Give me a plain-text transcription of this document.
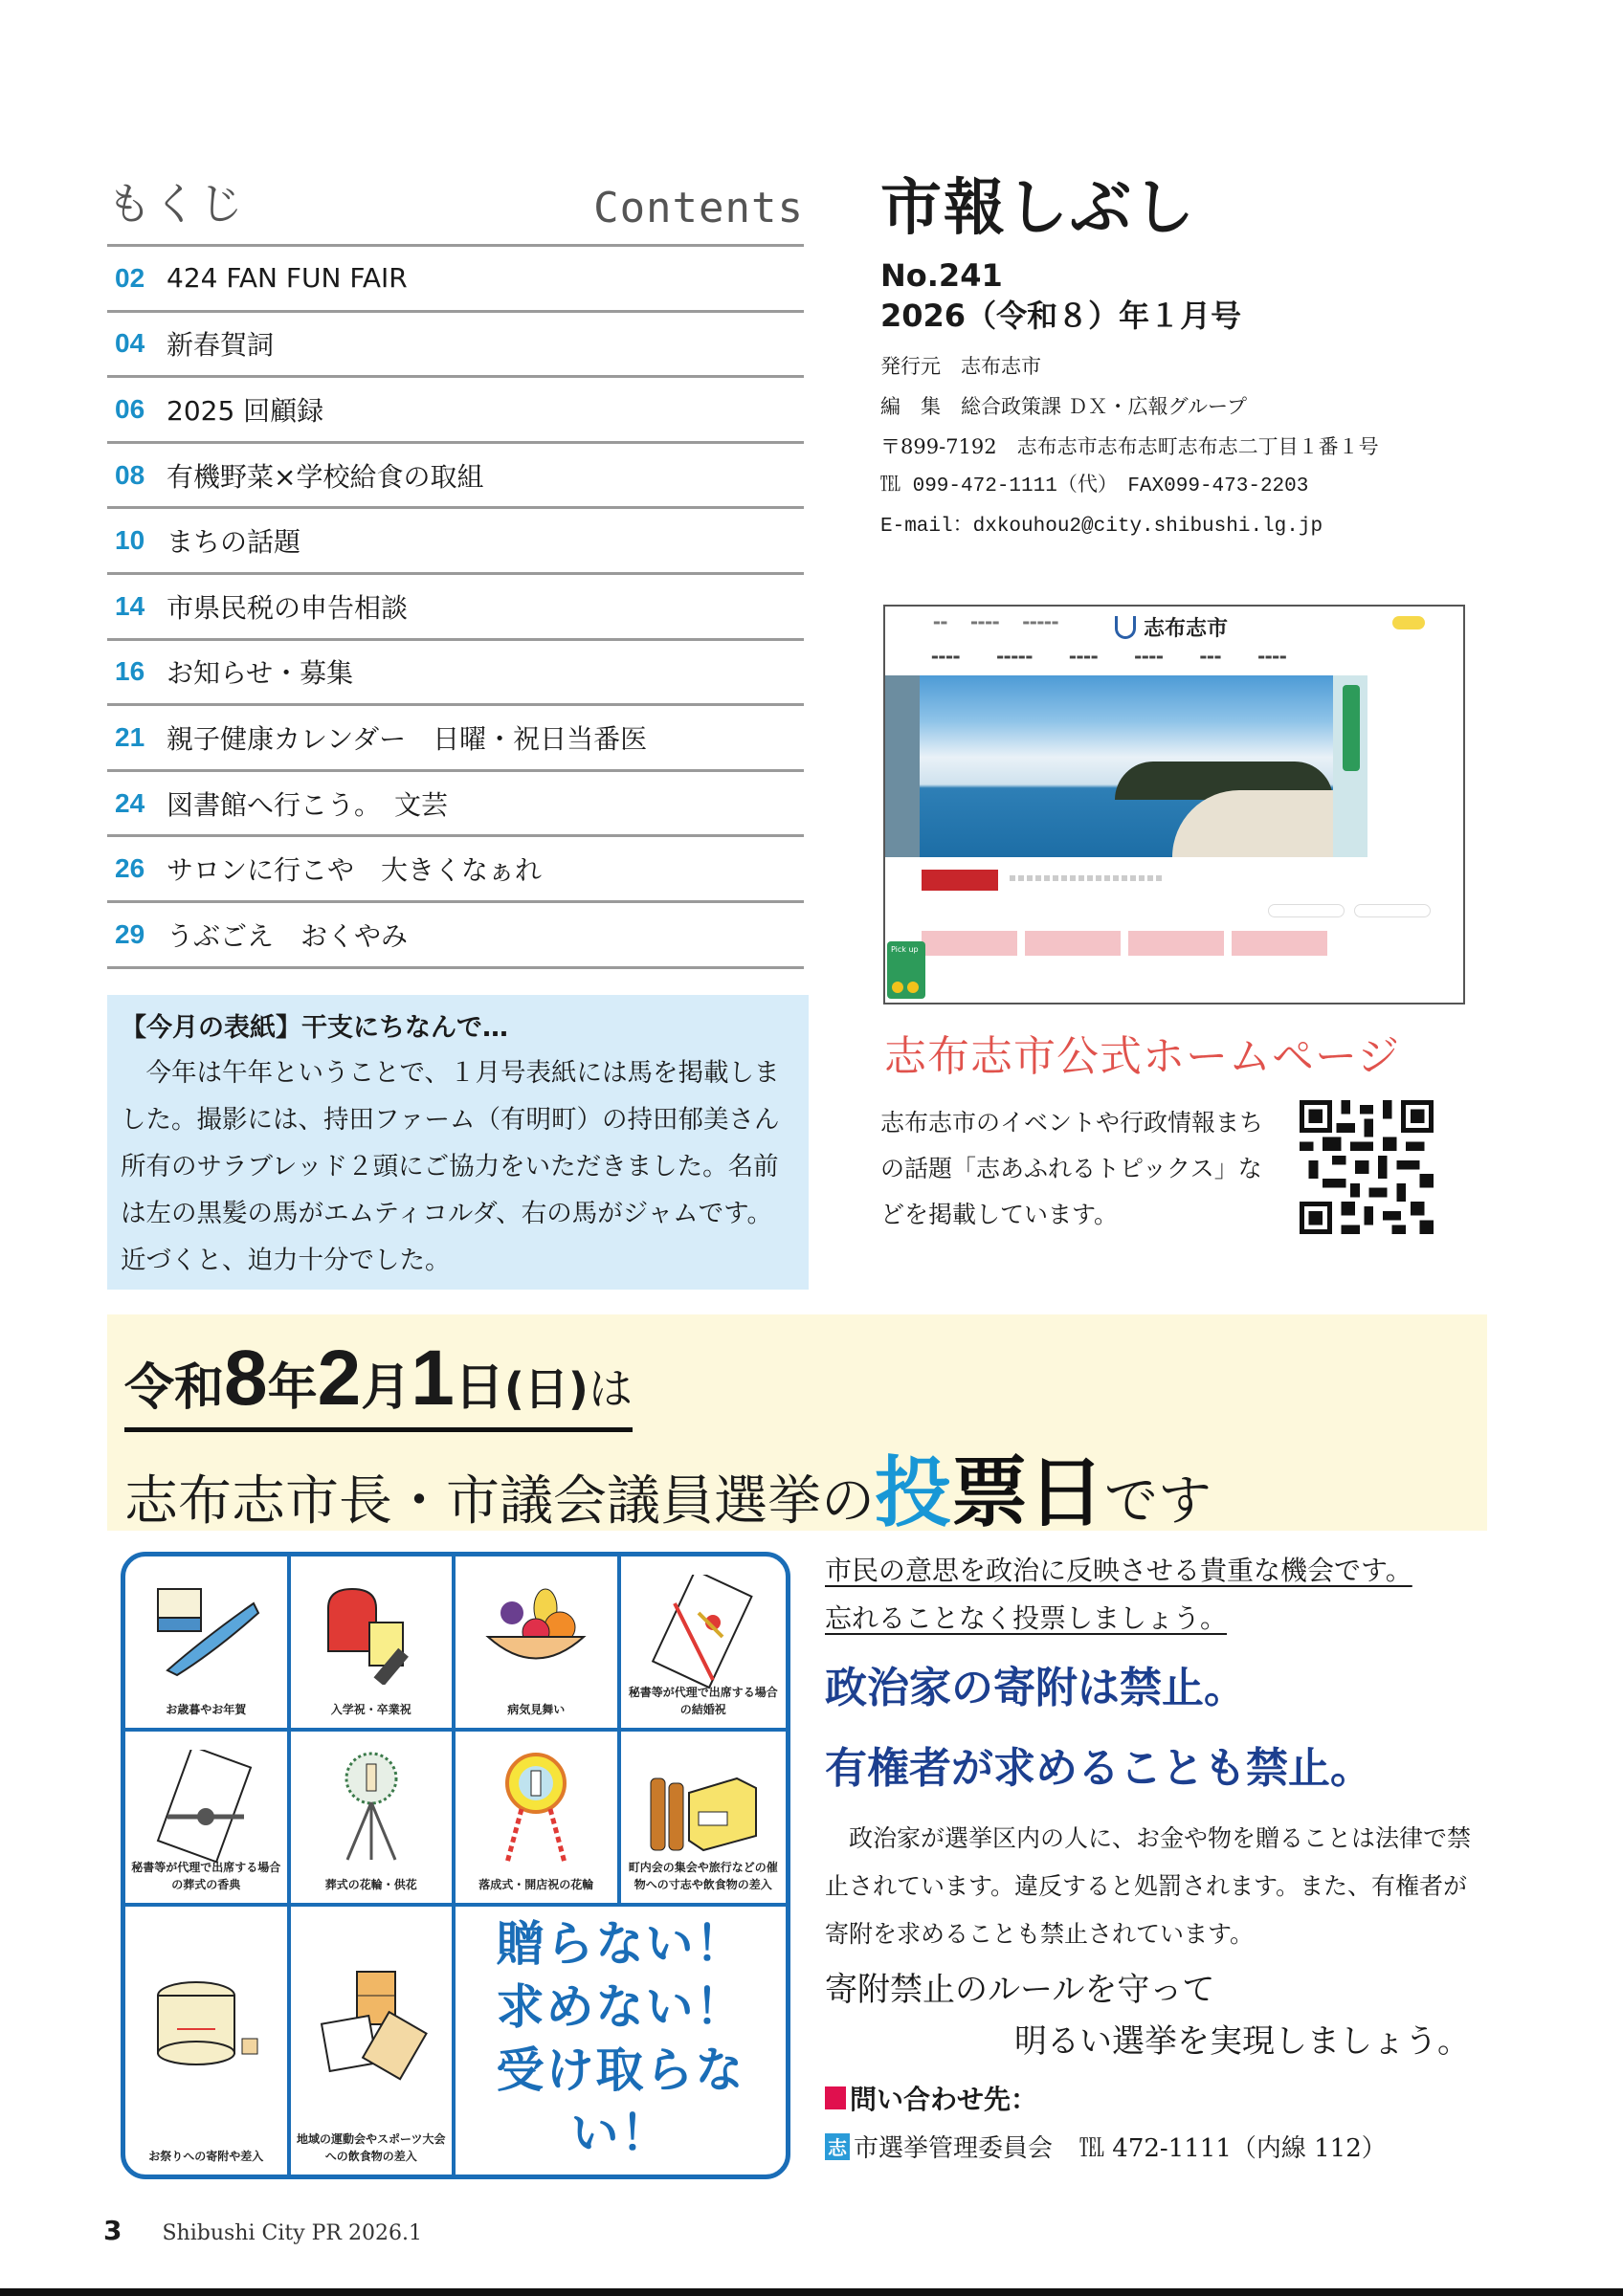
もくじ	Contents
02 424 FAN FUN FAIR
04 新春賀詞
06 2025 回顧録
08 有機野菜×学校給食の取組
10 まちの話題
14 市県民税の申告相談
16 お知らせ・募集
21 親子健康カレンダー　日曜・祝日当番医
24 図書館へ行こう。　文芸
26 サロンに行こや　大きくなぁれ
29 うぶごえ　おくやみ
【今月の表紙】干支にちなんで…
今年は午年ということで、１月号表紙には馬を掲載しました。撮影には、持田ファーム（有明町）の持田郁美さん所有のサラブレッド２頭にご協力をいただきました。名前は左の黒髪の馬がエムティコルダ、右の馬がジャムです。近づくと、迫力十分でした。
市報しぶし
No.241
2026（令和８）年１月号
発行元　志布志市
編　集　総合政策課 ＤＸ・広報グループ
〒899-7192　志布志市志布志町志布志二丁目１番１号
℡ 099-472-1111（代）　FAX099-473-2203
E-mail：dxkouhou2@city.shibushi.lg.jp
▬▬	▬▬▬▬	▬▬▬▬▬	志布志市
▬▬▬▬	▬▬▬▬▬	▬▬▬▬	▬▬▬▬	▬▬▬	▬▬▬▬
Pick up
志布志市公式ホームページ
志布志市のイベントや行政情報まちの話題「志あふれるトピックス」などを掲載しています。
令和 8 年 2 月 1 日 (日) は
志布志市長・市議会議員選挙の 投 票日 です
お歳暮やお年賀	入学祝・卒業祝	病気見舞い
秘書等が代理で出席する場合の結婚祝
秘書等が代理で出席する場合の葬式の香典	葬式の花輪・供花	落成式・開店祝の花輪
町内会の集会や旅行などの催物への寸志や飲食物の差入
お祭りへの寄附や差入
地域の運動会やスポーツ大会への飲食物の差入
贈らない！
求めない！
受け取らない！
市民の意思を政治に反映させる貴重な機会です。
忘れることなく投票しましょう。
政治家の寄附は禁止。
有権者が求めることも禁止。
政治家が選挙区内の人に、お金や物を贈ることは法律で禁止されています。違反すると処罰されます。また、有権者が寄附を求めることも禁止されています。
寄附禁止のルールを守って
明るい選挙を実現しましょう。
問い合わせ先：
志 市選挙管理委員会 ℡ 472-1111（内線 112）
3 Shibushi City PR 2026.1
